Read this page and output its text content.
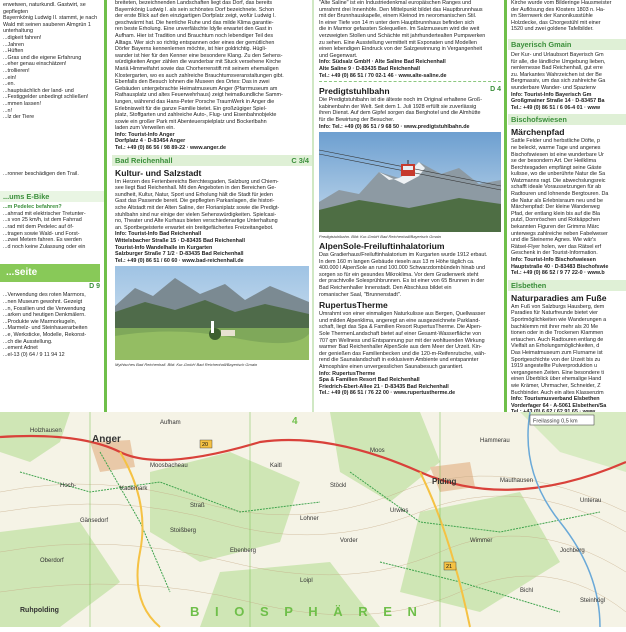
erwetwen, naturkundl. Gastwirt, se gepflegten
Bayernkönig Ludwig II. stammt, je nach
Wald mit seinen sauberen Almgrün 1 unterhaltung
...digkeit fahren!
...Jahren
...Hüften
...Gras und die eigene Erfahrung
...eher genau einschätzen!
...trollieren!
...ein!
...en.
...hauptsächlich der land- und
...Festiggelder unbedingt schließen!
...mmen lassen!
...n!
...lz der Tiere
...ronner beschädigen den Trail.
...ums E-Bike
...m Pedelec befahren?
...ahrrad mit elektrischer Tretunter-
...s von 25 km/h, ist dem Fahrrad
...rad mit dem Pedelec auf öf-
...tragen sowie Wald- und Forst-
...zwei Metern fahren. Es werden
...d noch keine Zulassung oder ein
...seite
D 9
...Verwendung des roten Marmors,
...nen Museum gewohnt. Gezeigt
...n, Fossilien und die Verwendung
...arken und heutigen Denkmälern.
...Produkte wie Marmorkugeln,
...Marmelz- und Steinhauerarbeiten
...e, Werksticke, Modelle, Rekonst-
...ch die Ausstellung.
...ement Adnet
...el-13 (0) 64 / 9 11 94 12
breiteten, bezeichnenden Landschaften liegt das Dorf, das bereits
Bayernkönig Ludwig I. als sein schönstes Dorf bezeichnete. Schon
der erste Blick auf den einzigartigen Dorfplatz zeigt, wofür Ludwig I.
geschwärmt hat. Die herrliche Ruhe und das milde Klima garantie-
ren beste Erholung. Eine unverfälschte Idylle erwartet den Gast in
Aufham. Hier ist Tradition und Brauchtum noch lebendiger Teil des
Alltags. Wer sich so richtig entspannen oder eines der gemütlichen
Dörfer Bayerns kennenlernen möchte, ist hier goldrichtig. Hügli-
wander ist hier für den Kenner eine besondere Klang. Zu den Sehens-
würdigkeiten Anger zählen die wunderbar mit Stuck versehene Kirche
Mariä Himmelfahrt sowie das Chorherrenstift mit seinem ehemaligen
Klostergarten, wo es auch zahlreiche Brauchtumsveranstaltungen gibt.
Ebenfalls den Besuch lohnen die Museen des Ortes: Das in zwei
Gebäuden untergebrachte Heimatmuseum Anger (Pfarrmuseum am
Rathausplatz und altes Feuerwehrhaus) zeigt heimatkundliche Samm-
lungen, während das Hans-Peter Porsche TraumWerk in Anger die
Erlebniswelt für die ganze Familie bietet. Ein großzügiger Spiel-
platz, Stoffgarten und zahlreiche Auto-, Flug- und Eisenbahnobjekte
sowie ein großer Park mit Abenteuerspielplatz und Bockerlbahn
laden zum Verweilen ein.
Info: Tourist-Info Anger
Dorfplatz 4 · D-83454 Anger
Tel.: +49 (0) 86 56 / 98 89-22 · www.anger.de
Bad Reichenhall	C 3/4
Kultur- und Salzstadt
Im Herzen des Ferienbereichs Berchtesgaden, Salzburg und Chiem-
see liegt Bad Reichenhall. Mit den Angeboten in den Bereichen Ge-
sundheit, Kultur, Natur, Sport und Erholung hält die Stadt für jeden
Gast das Passende bereit. Die gepflegten Parkanlagen, die histori-
sche Altstadt mit der Alten Saline, der Florianiplatz sowie die Predigt-
stuhlbahn sind nur einige der vielen Sehenswürdigkeiten. Spielcasi-
no, Theater und Alte Kurhaus bieten verschiedenartige Unterhaltung
an. Sportbegeisterte erwartet ein breitgefächertes Freizeitangebot.
Info: Tourist-Info Bad Reichenhall
Wittelsbacher Straße 15 · D-83435 Bad Reichenhall
Tourist-Info Wandelhalle im Kurgarten
Salzburger Straße 7 1/2 · D-83435 Bad Reichenhall
Tel.: +49 (0) 86 51 / 60 60 · www.bad-reichenhall.de
Mythisches Bad Reichenhall. Bild: Kur-GmbH Bad Reichenhall/Bayerisch Gmain
"Alte Saline" ist ein Industriedenkmal europäischen Ranges und
umrahmt drei Innenhöfe. Den Mittelpunkt bildet das Hauptbrunnhaus
mit der Brunnhauskapelle, einem Kleinod im neoromanischen Stil.
In einer Tiefe von 14 m unter dem Hauptbrunnhaus befinden sich
die in Marmor gefassten Solequellen. Im Salzmuseum wird die weit
verzweigten Stollen und Schächte mit jahrhundertealten Pumpwerken
zu sehen. Eine Ausstellung vermittelt mit Exponaten und Modellen
einen lebendigen Eindruck von der Salzgewinnung in Vergangenheit
und Gegenwart.
Info: Südsalz GmbH · Alte Saline Bad Reichenhall
Alte Saline 9 · D-83435 Bad Reichenhall
Tel.: +49 (0) 86 51 / 70 02-1 46 · www.alte-saline.de
Predigtstuhlbahn	D 4
Die Predigtstuhlbahn ist die älteste noch im Original erhaltene Groß-
kabinenbahn der Welt. Seit dem 1. Juli 1928 erfüllt sie zuverlässig
ihren Dienst. Auf dem Gipfel sorgen das Berghotel und die Almhütte
für die Bewirtung der Besucher.
Info: Tel.: +49 (0) 86 51 / 9 68 50 · www.predigtstuhlbahn.de
Predigtstuhlbahn. Bild: Kur-GmbH Bad Reichenhall/Bayerisch Gmain
AlpenSole-Freiluftinhalatorium
Das Gradierhaus/Freiluftinhalatorium im Kurgarten wurde 1912 erbaut.
In dem 160 m langen Gebäude rieseln aus 13 m Höhe täglich ca.
400.000 l AlpenSole an rund 100.000 Schwarzdornbündeln hinab und
sorgen so für ein gesundes Mikroklima. Vor dem Gradierwerk steht
der prachtvolle Solesprühbrunnen. Es ist einer von 65 Brunnen in der
Bad Reichenhaller Innenstadt. Den Abschluss bildet ein
romanischer Saal, "Brunnenstadt".
RupertusTherme
Umrahmt von einer einmaligen Naturkulisse aus Bergen, Quellwasser
und milden Alpenklima, angeregt an eine ausgezeichnete Parkland-
schaft, liegt das Spa & Familien Resort RupertusTherme. Die Alpen-
Sole ThermenLandschaft bietet auf einer Gesamt-Wasserfläche von
707 qm Wellness und Entspannung pur mit der wohltuenden Wirkung
warmer Bad Reichenhaller AlpenSole aus dem Meer der Urzeit. Kin-
der genießen das Familienbecken und die 120-m-Reifenrutsche, wäh-
rend die Saunalandschaft in exklusivem Ambiente und entspannter
Atmosphäre einen unvergesslichen Saunabesuch garantiert.
Info: RupertusTherme
Spa & Familien Resort Bad Reichenhall
Friedrich-Ebert-Allee 21 · D-83435 Bad Reichenhall
Tel.: +49 (0) 86 51 / 76 22 00 · www.rupertustherme.de
Kirche wurde vom Bilderinge Hausmeister
der Auflösung des Klosters 1803 n. Ha-
im Sternwerk der Kanonikusstühle
Holzdecke, das Chorgestühl mit einer
1520 und zwei goldene Tafelbilder.
Bayerisch Gmain
Der Kur- und Urlaubsort Bayerisch Gm
für alle, die ländliche Umgebung lieben,
nenlernesse Bad Reichenhall, gut erre
zu. Markantes Wahrzeichen ist der Be
Bergmassiv, um das sich zahlreiche Ga
wunderbare Wander- und Spazierw
Info: Tourist-Info Bayerisch Gm
Großgmainer Straße 14 · D-83457 Ba
Tel.: +49 (0) 86 51 / 6 06-4 01 · www
Bischofswiesen
Märchenpfad
Sattle Felder und herbstliche Döfte, p
ne beleckt, warme Tage und angenes
Bischofswiesen ist eine wunderbare Ur
se der besondern Art. Der Heilklima
Berchtesgaden empfängt seine Gäste
kulisse, wo die unberührte Natur die Sa
Watzmanns ragt. Die abwechslungsreic
schafft ideale Voraussetzungen für ab
Radtouren und lohnende Bergtouren. Da
die Natur als Erlebnisraum neu und be
Märchenpfad: Der kleine Wanderweg
Pfad, der entlang klein bis auf die Bla
putzl, Dornröschen und Rotkäppchen
bekannten Figuren der Grimms Märc
unterwegs zahlreiche neben Fabelweser
und die Steinerne Agnes. Wie wär's
Rätsel-Flyer holen, wer das Rätsel erf
Geschenk in der Tourist-Information.
Info: Tourist-Info Bischofswiesen
Hauptstraße 40 · D-83483 Bischofswie
Tel.: +49 (0) 86 52 / 9 77 22-0 · www.b
Elsbethen
Naturparadies am Fuße
Am Fuß von Salzburgs Hausberg, dem
Paradies für Naturfreunde bietet vier
Sportmöglichkeiten wie Wanderungen a
bachklemm mit ihrer mehr als 20 Me
tionen oder in die Trockenen Klammen
ertauchen. Auch Radtouren entlang de
Vielfalt an Erholungsmöglichkeiten, d
Das Heimatmuseum zum Flurname ist
Sportgeschichte von der Urzeit bis zu
1919 angestellte Pulverproduktion u
vergangenen Zeiten. Eine besondere ti
einen Überblick über ehemalige Hand
wie Krämer, Uhrmacher, Schneider, Z
Buchbinder. Auch ein altes Klassenzim
Info: Tourismusverband Elsbethen
Vorderfager 64 · A-5061 Elsbethen/Sa
Anger
Aufham
Moosbacheau
Kademark
Hoch-
Straß
Gänsedorf
Stoißberg
Oberdorf
Ebenberg
Lohner
Ruhpolding
Moos
Vorder
Hammerau
Piding
Urwies
Loipl
Mauthausen
Wimmer
Jochberg
Unterau
Stöckl
Kaitl
Holzhausen
Bichl
Steinhögl
B I O S P H Ä R E N
4	Freilassing 0,5 km
20
21
